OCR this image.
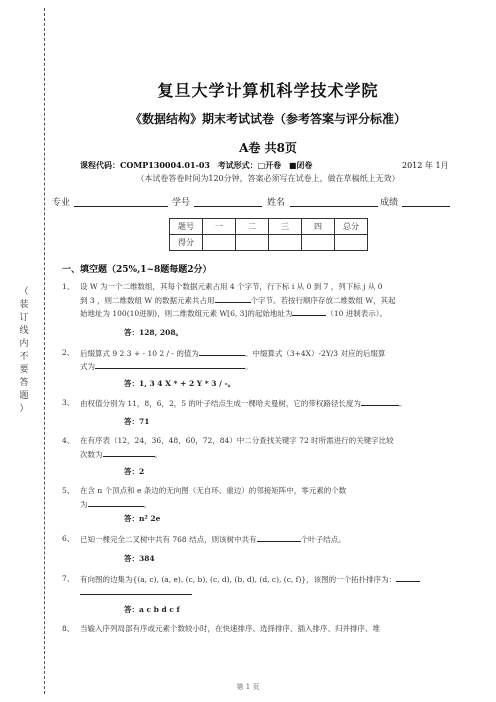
（
装
订
线
内
不
要
答
题
）
复旦大学计算机科学技术学院
《数据结构》期末考试试卷（参考答案与评分标准）
A卷 共8页
课程代码：COMP130004.01-03 考试形式：□开卷 ■闭卷	2012 年 1月
（本试卷答卷时间为120分钟，答案必须写在试卷上，做在草稿纸上无效）
专业	学号	姓名	成绩
题号	一	二	三	四	总分
得分					
一、填空题（25%,1~8题每题2分）
1、 设 W 为一个二维数组，其每个数据元素占用 4 个字节，行下标 i 从 0 到 7 ，列下标 j 从 0
到 3 ，则二维数组 W 的数据元素共占用	个字节。若按行顺序存放二维数组 W，其起
始地址为 100(10进制)，则二维数组元素 W[6, 3]的起始地址为	（10 进制表示）。
答：128, 208。
2、 后缀算式 9 2 3 + - 10 2 / - 的值为	。中缀算式（3+4X）-2Y/3 对应的后缀算
式为	。
答：1, 3 4 X * + 2 Y * 3 / -。
3、 由权值分别为 11，8，6，2，5 的叶子结点生成一棵哈夫曼树，它的带权路径长度为	。
答：71
4、 在有序表（12，24，36，48，60，72，84）中二分查找关键字 72 时所需进行的关键字比较
次数为	。
答：2
5、 在含 n 个顶点和 e 条边的无向图（无自环、重边）的邻接矩阵中，零元素的个数
为	。
答：n² 2e
6、 已知一棵完全二叉树中共有 768 结点，则该树中共有	个叶子结点。
答：384
7、 有向图的边集为{(a, c), (a, e), (c, b), (c, d), (b, d), (d, c), (c, f)}，该图的一个拓扑排序为：
答：a c b d c f
8、 当输入序列局部有序或元素个数较小时，在快速排序、选择排序、插入排序、归并排序、堆
第 1 页
